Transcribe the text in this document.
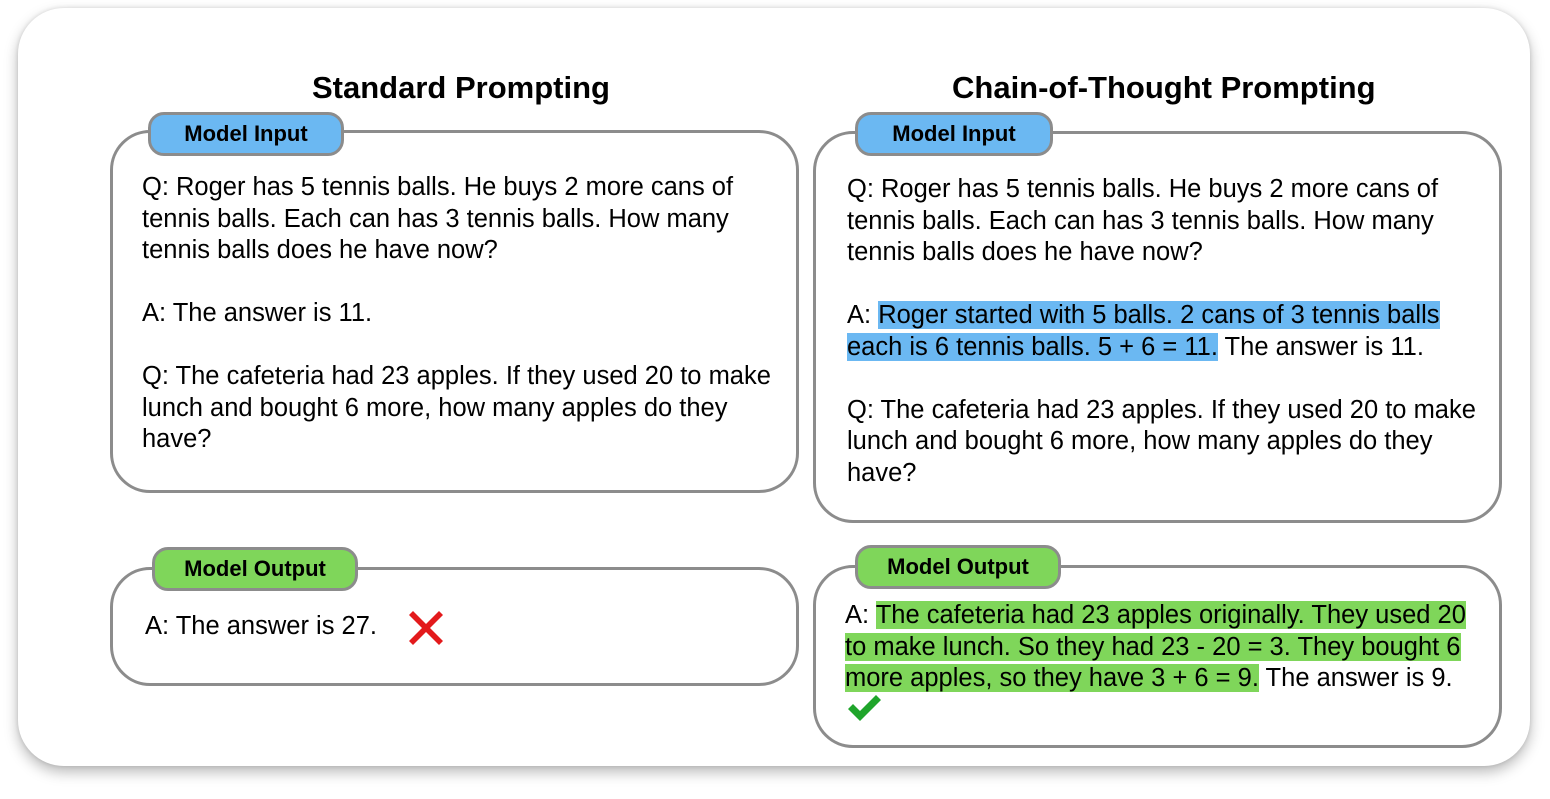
Standard Prompting	Chain-of-Thought Prompting
Model Input

Q: Roger has 5 tennis balls. He buys 2 more cans of tennis balls. Each can has 3 tennis balls. How many tennis balls does he have now?

A: The answer is 11.

Q: The cafeteria had 23 apples. If they used 20 to make lunch and bought 6 more, how many apples do they have?

Model Output
A: The answer is 27.
Model Input

Q: Roger has 5 tennis balls. He buys 2 more cans of tennis balls. Each can has 3 tennis balls. How many tennis balls does he have now?

A: Roger started with 5 balls. 2 cans of 3 tennis balls each is 6 tennis balls. 5 + 6 = 11. The answer is 11.

Q: The cafeteria had 23 apples. If they used 20 to make lunch and bought 6 more, how many apples do they have?

Model Output

A: The cafeteria had 23 apples originally. They used 20 to make lunch. So they had 23 - 20 = 3. They bought 6 more apples, so they have 3 + 6 = 9. The answer is 9.
